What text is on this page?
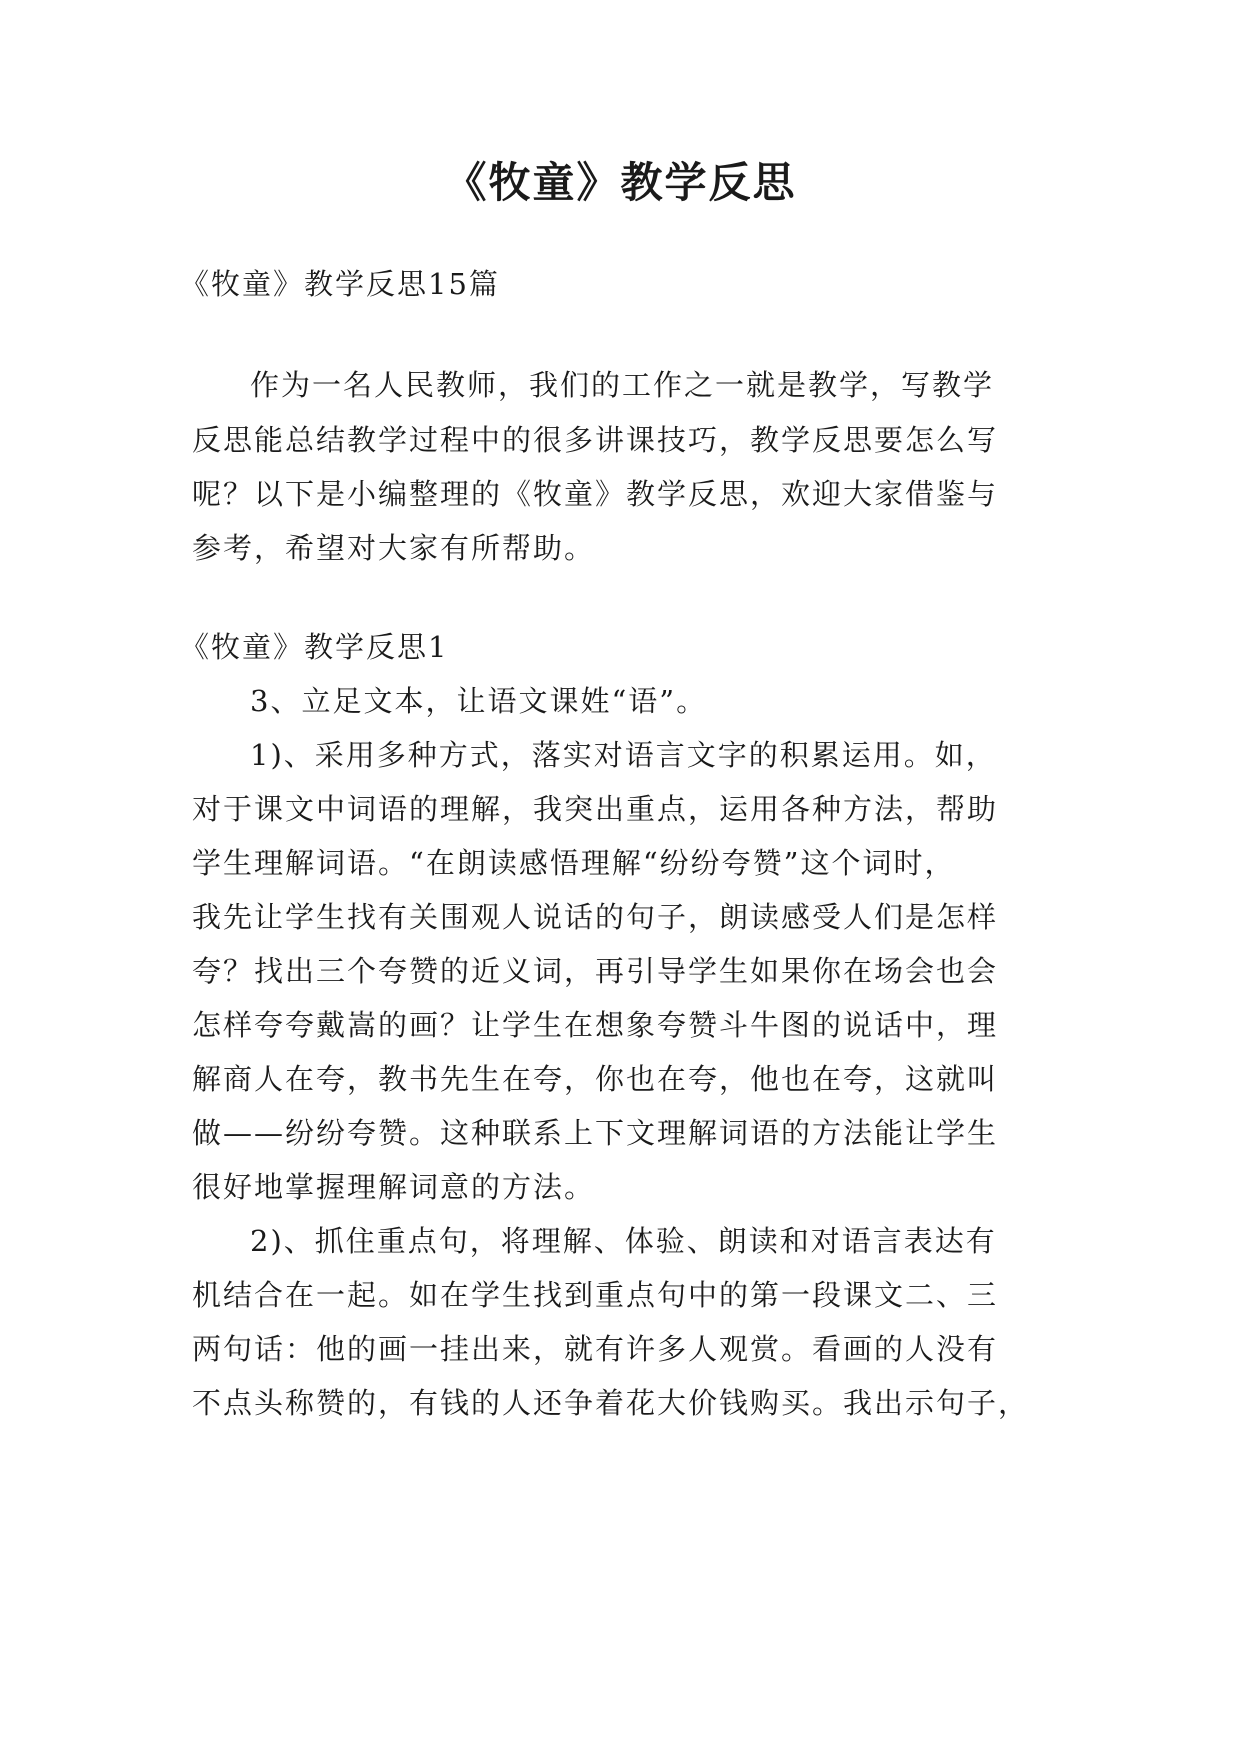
《牧童》教学反思
《牧童》教学反思15篇
作为一名人民教师，我们的工作之一就是教学，写教学
反思能总结教学过程中的很多讲课技巧，教学反思要怎么写
呢？以下是小编整理的《牧童》教学反思，欢迎大家借鉴与
参考，希望对大家有所帮助。
《牧童》教学反思1
3、立足文本，让语文课姓“语”。
1)、采用多种方式，落实对语言文字的积累运用。如，
对于课文中词语的理解，我突出重点，运用各种方法，帮助
学生理解词语。“在朗读感悟理解“纷纷夸赞”这个词时，
我先让学生找有关围观人说话的句子，朗读感受人们是怎样
夸？找出三个夸赞的近义词，再引导学生如果你在场会也会
怎样夸夸戴嵩的画？让学生在想象夸赞斗牛图的说话中，理
解商人在夸，教书先生在夸，你也在夸，他也在夸，这就叫
做——纷纷夸赞。这种联系上下文理解词语的方法能让学生
很好地掌握理解词意的方法。
2)、抓住重点句，将理解、体验、朗读和对语言表达有
机结合在一起。如在学生找到重点句中的第一段课文二、三
两句话：他的画一挂出来，就有许多人观赏。看画的人没有
不点头称赞的，有钱的人还争着花大价钱购买。我出示句子，
